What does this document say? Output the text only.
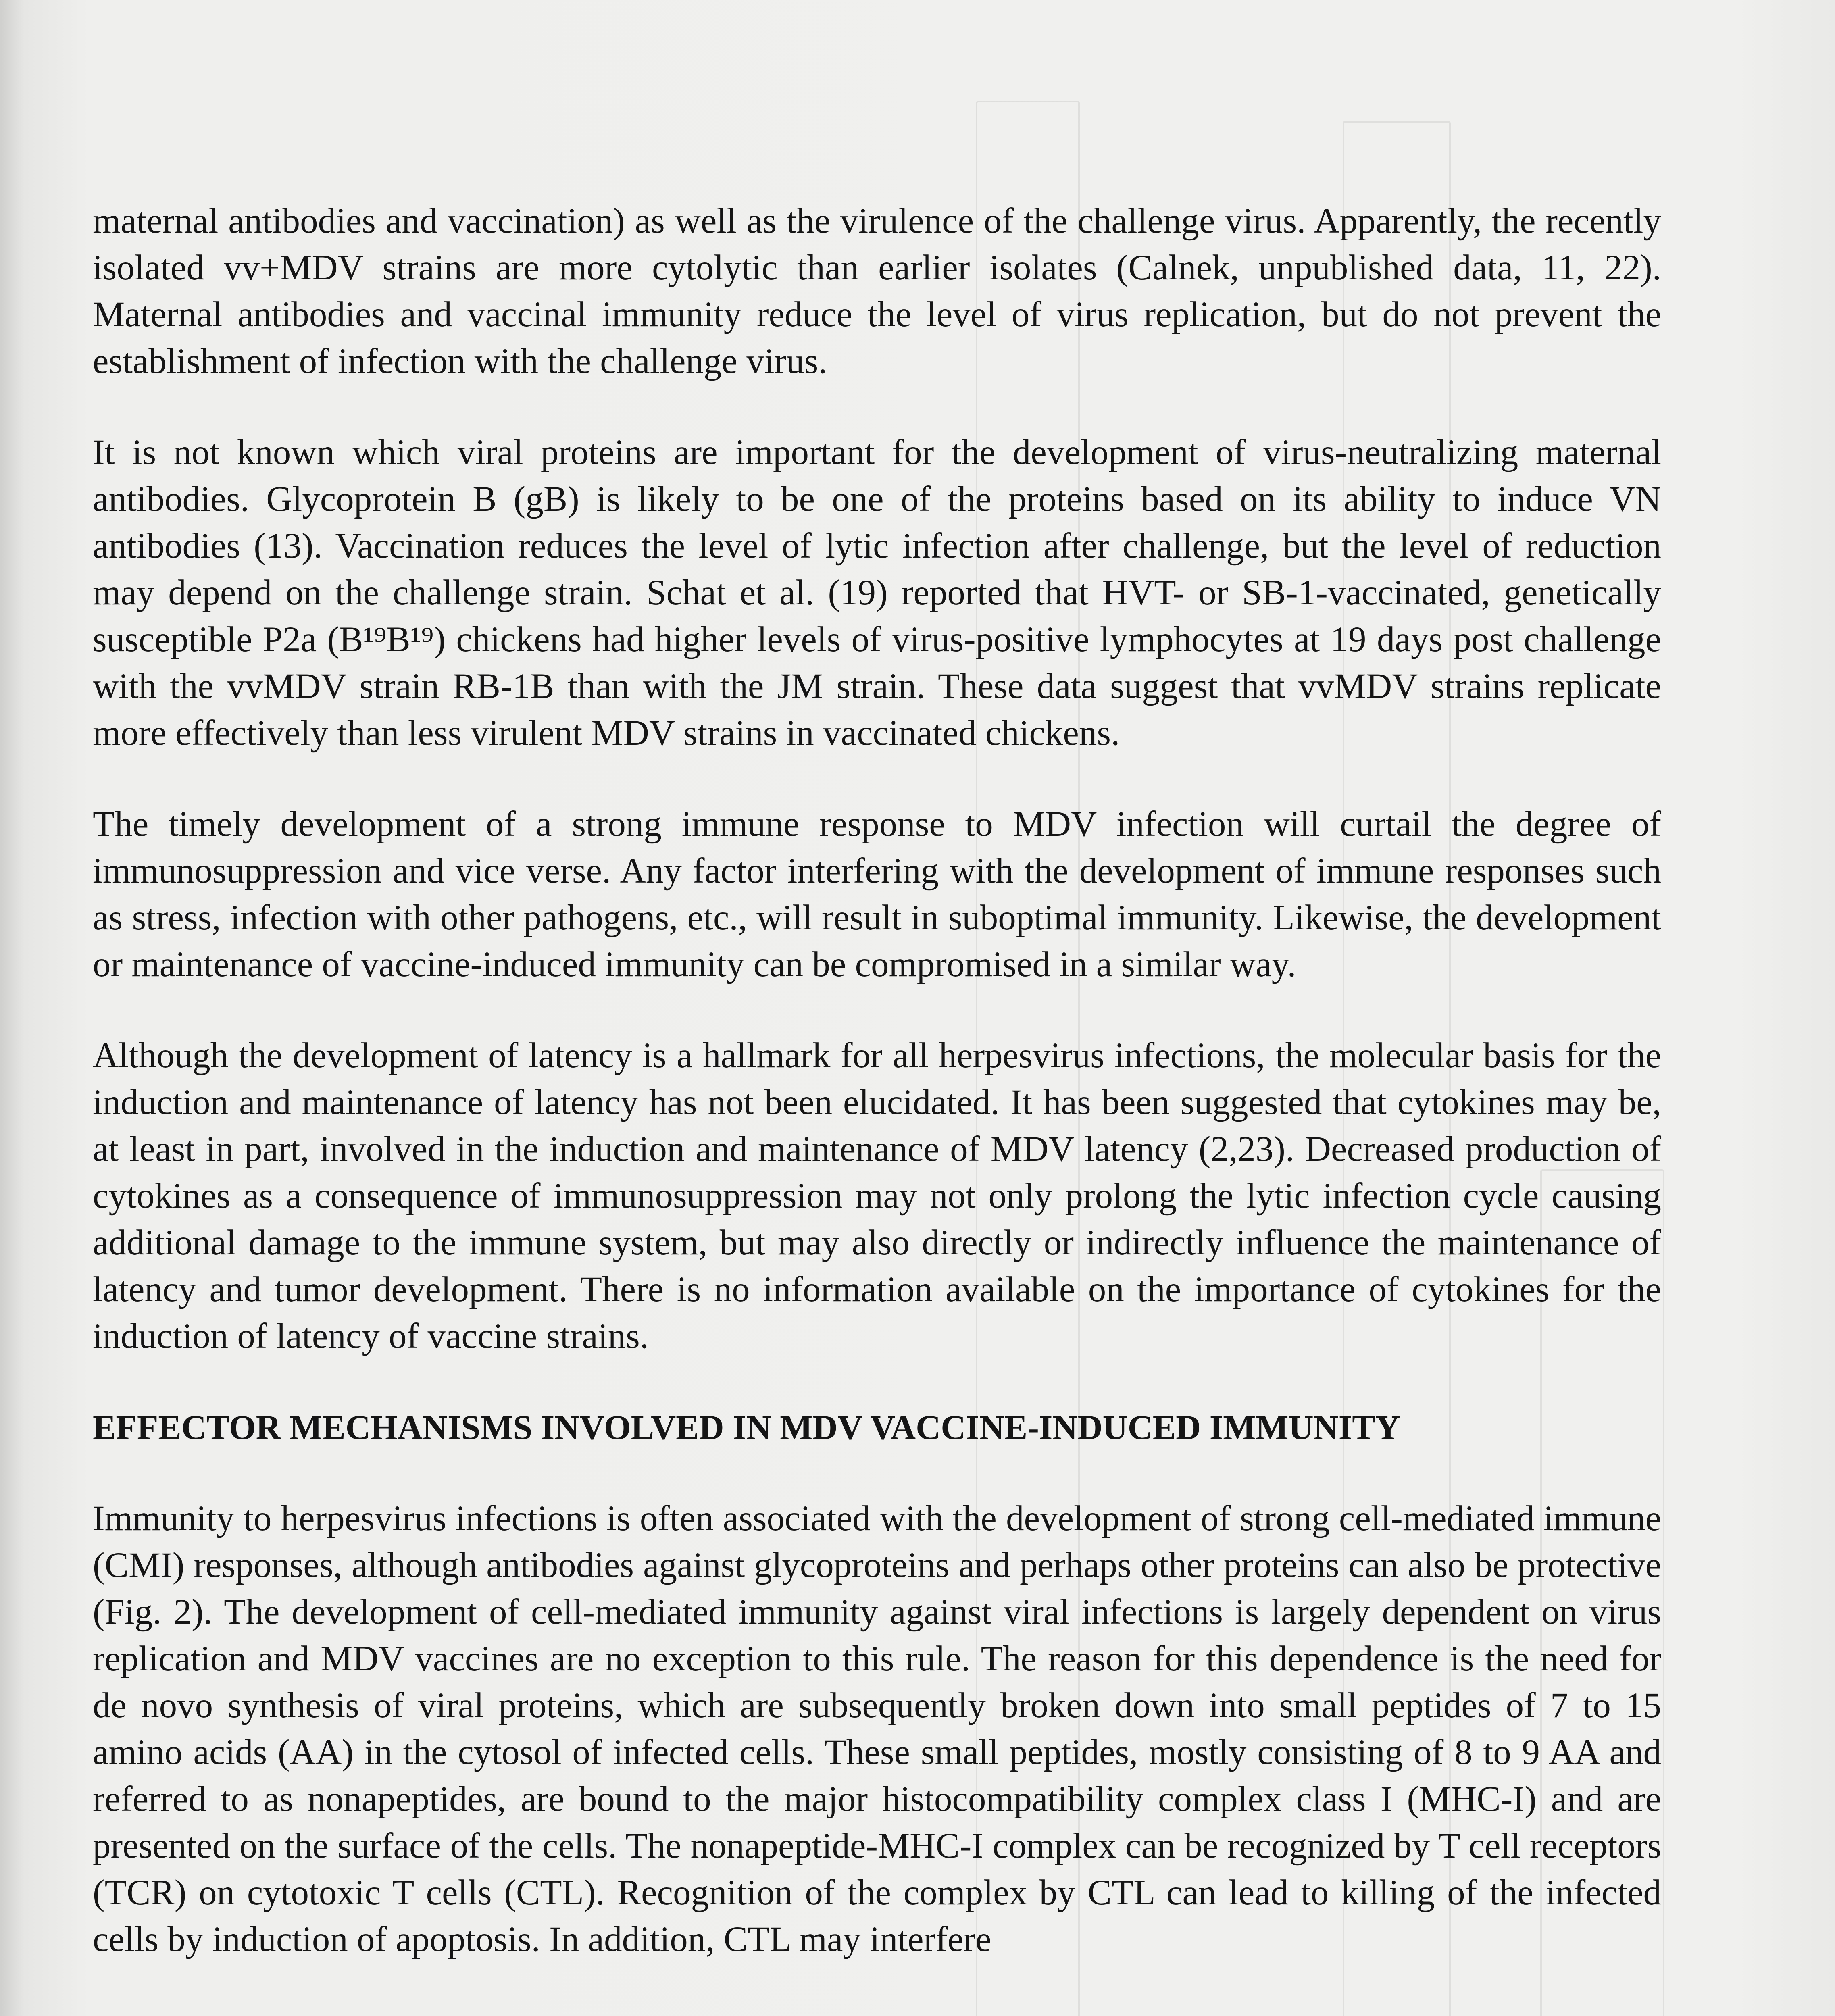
maternal antibodies and vaccination) as well as the virulence of the challenge virus. Apparently, the recently isolated vv+MDV strains are more cytolytic than earlier isolates (Calnek, unpublished data, 11, 22). Maternal antibodies and vaccinal immunity reduce the level of virus replication, but do not prevent the establishment of infection with the challenge virus.

It is not known which viral proteins are important for the development of virus-neutralizing maternal antibodies. Glycoprotein B (gB) is likely to be one of the proteins based on its ability to induce VN antibodies (13). Vaccination reduces the level of lytic infection after challenge, but the level of reduction may depend on the challenge strain. Schat et al. (19) reported that HVT- or SB-1-vaccinated, genetically susceptible P2a (B¹⁹B¹⁹) chickens had higher levels of virus-positive lymphocytes at 19 days post challenge with the vvMDV strain RB-1B than with the JM strain. These data suggest that vvMDV strains replicate more effectively than less virulent MDV strains in vaccinated chickens.

The timely development of a strong immune response to MDV infection will curtail the degree of immunosuppression and vice verse. Any factor interfering with the development of immune responses such as stress, infection with other pathogens, etc., will result in suboptimal immunity. Likewise, the development or maintenance of vaccine-induced immunity can be compromised in a similar way.

Although the development of latency is a hallmark for all herpesvirus infections, the molecular basis for the induction and maintenance of latency has not been elucidated. It has been suggested that cytokines may be, at least in part, involved in the induction and maintenance of MDV latency (2,23). Decreased production of cytokines as a consequence of immunosuppression may not only prolong the lytic infection cycle causing additional damage to the immune system, but may also directly or indirectly influence the maintenance of latency and tumor development. There is no information available on the importance of cytokines for the induction of latency of vaccine strains.

EFFECTOR MECHANISMS INVOLVED IN MDV VACCINE-INDUCED IMMUNITY

Immunity to herpesvirus infections is often associated with the development of strong cell-mediated immune (CMI) responses, although antibodies against glycoproteins and perhaps other proteins can also be protective (Fig. 2). The development of cell-mediated immunity against viral infections is largely dependent on virus replication and MDV vaccines are no exception to this rule. The reason for this dependence is the need for de novo synthesis of viral proteins, which are subsequently broken down into small peptides of 7 to 15 amino acids (AA) in the cytosol of infected cells. These small peptides, mostly consisting of 8 to 9 AA and referred to as nonapeptides, are bound to the major histocompatibility complex class I (MHC-I) and are presented on the surface of the cells. The nonapeptide-MHC-I complex can be recognized by T cell receptors (TCR) on cytotoxic T cells (CTL). Recognition of the complex by CTL can lead to killing of the infected cells by induction of apoptosis. In addition, CTL may interfere
